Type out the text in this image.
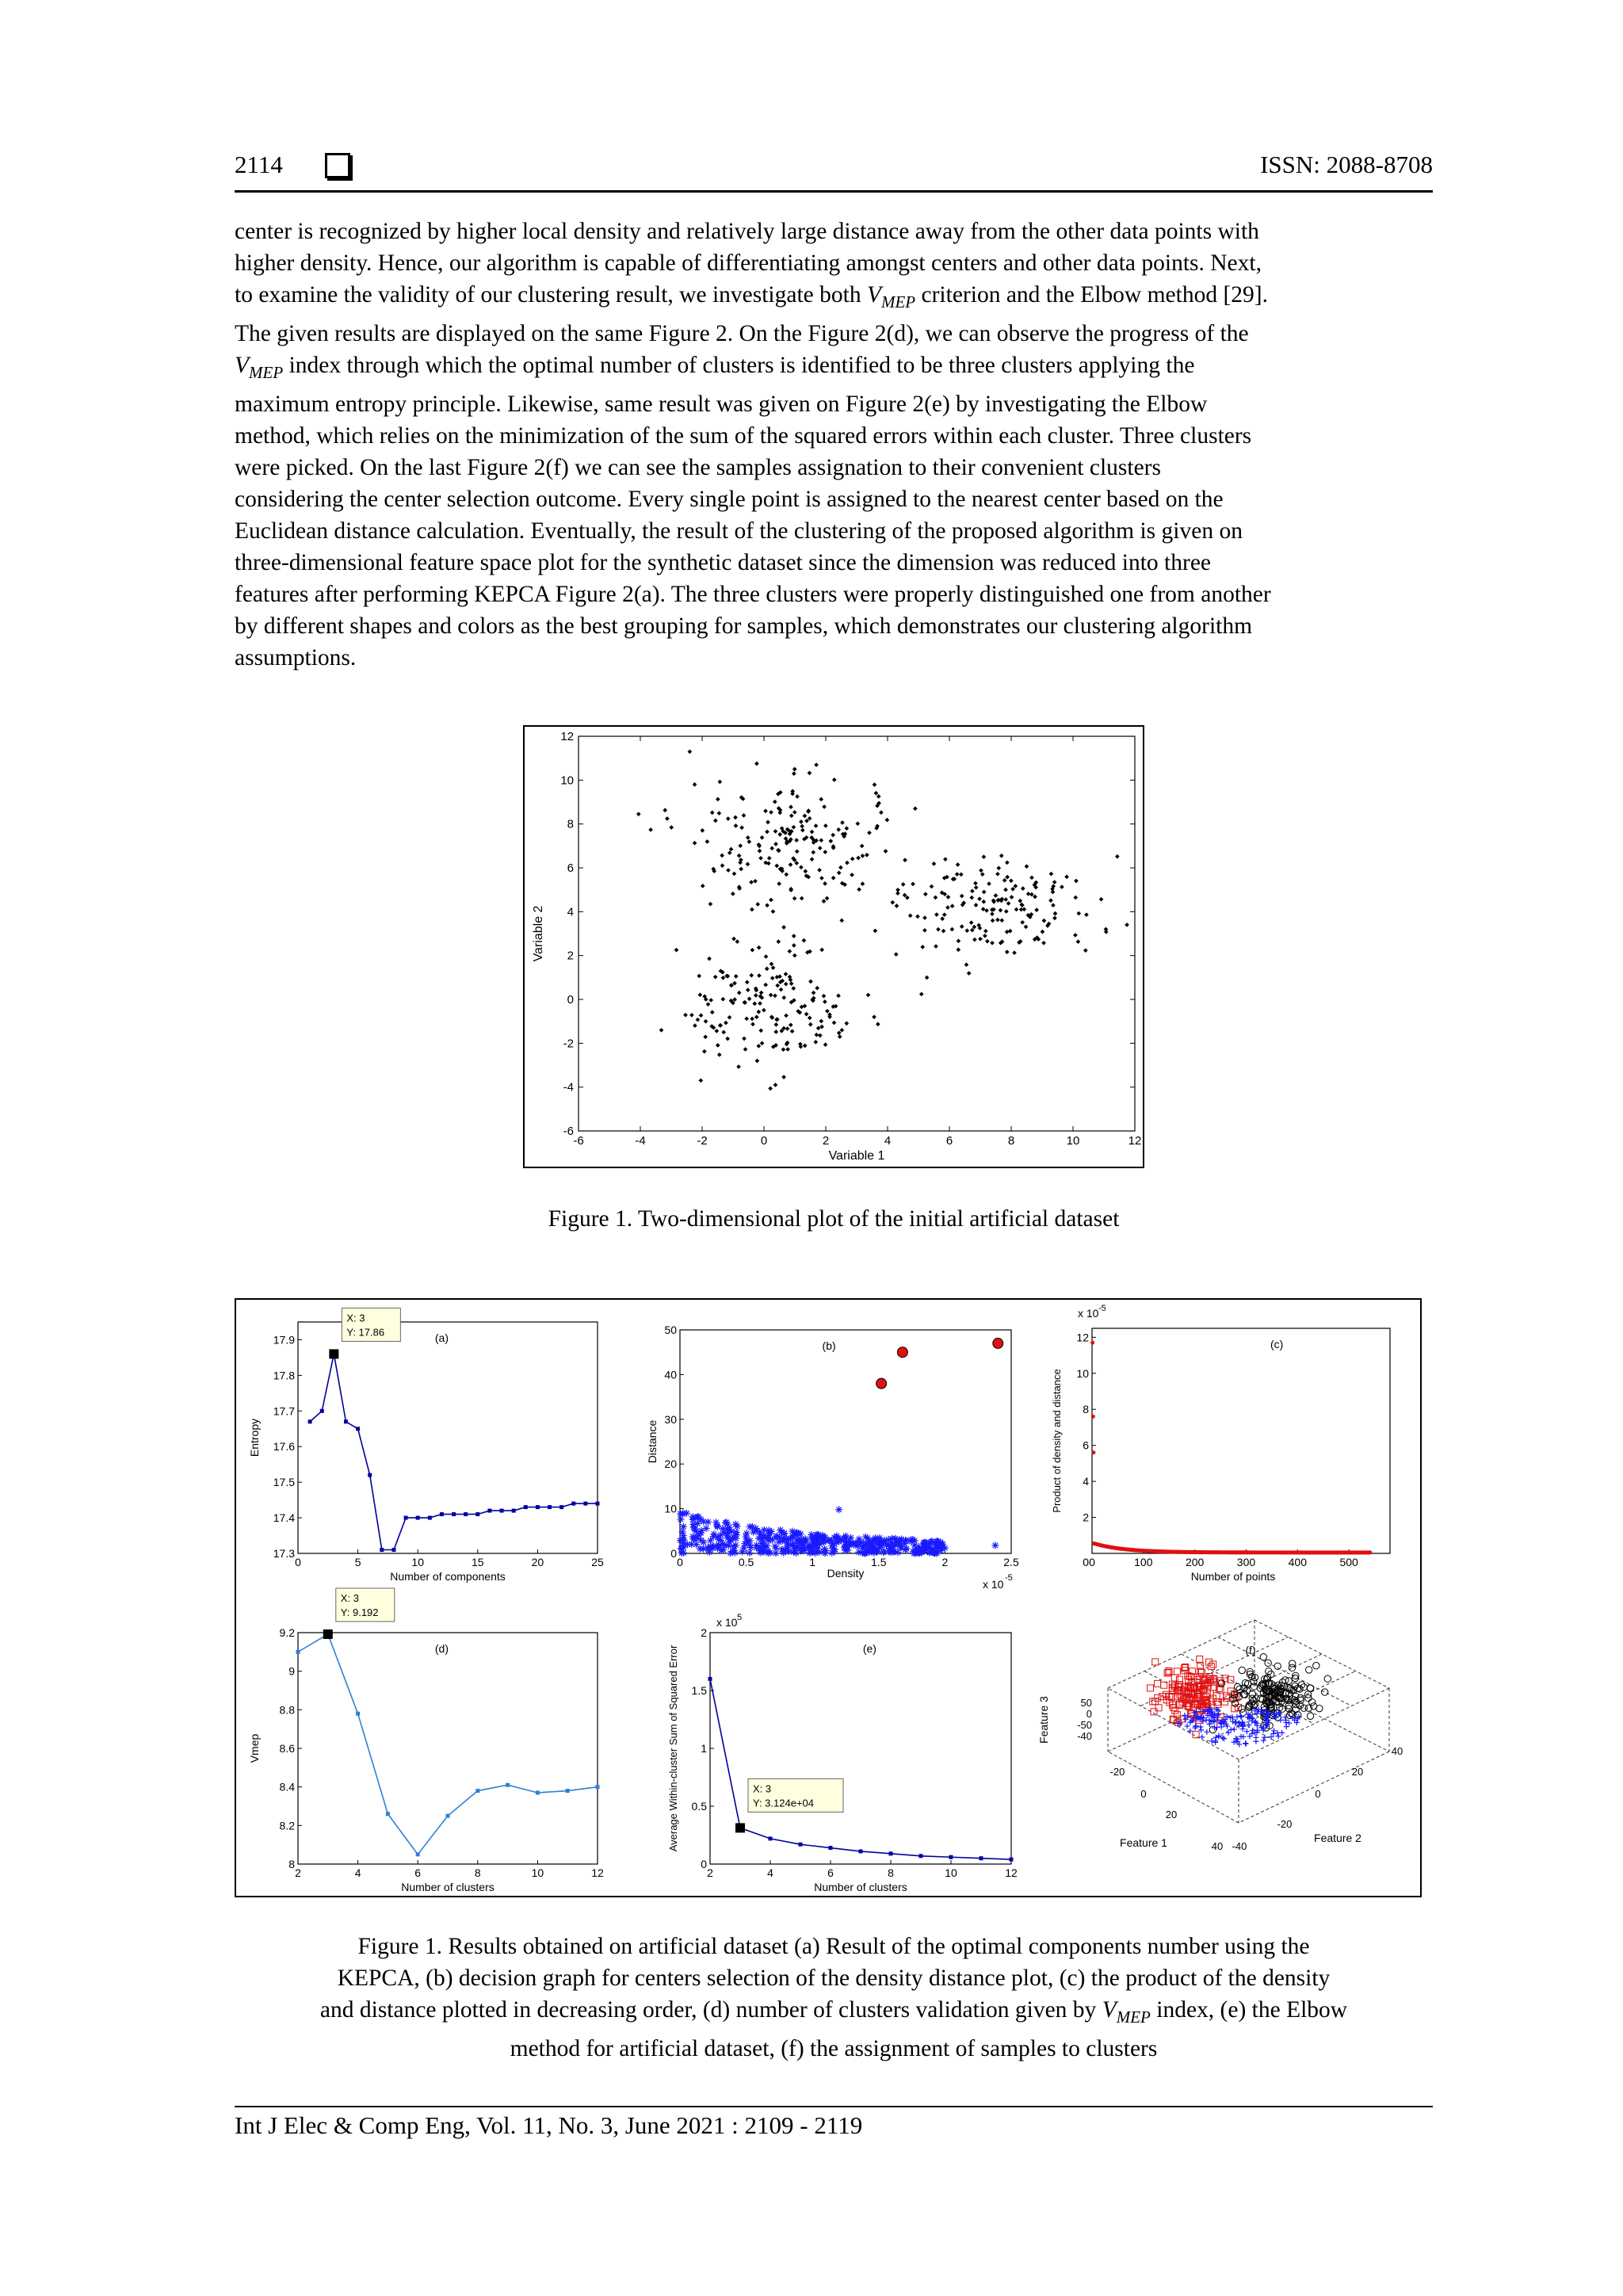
2114	ISSN: 2088-8708
center is recognized by higher local density and relatively large distance away from the other data points with
higher density. Hence, our algorithm is capable of differentiating amongst centers and other data points. Next,
to examine the validity of our clustering result, we investigate both $V_{MEP}$ criterion and the Elbow method [29].
The given results are displayed on the same Figure 2. On the Figure 2(d), we can observe the progress of the
$V_{MEP}$ index through which the optimal number of clusters is identified to be three clusters applying the
maximum entropy principle. Likewise, same result was given on Figure 2(e) by investigating the Elbow
method, which relies on the minimization of the sum of the squared errors within each cluster. Three clusters
were picked. On the last Figure 2(f) we can see the samples assignation to their convenient clusters
considering the center selection outcome. Every single point is assigned to the nearest center based on the
Euclidean distance calculation. Eventually, the result of the clustering of the proposed algorithm is given on
three-dimensional feature space plot for the synthetic dataset since the dimension was reduced into three
features after performing KEPCA Figure 2(a). The three clusters were properly distinguished one from another
by different shapes and colors as the best grouping for samples, which demonstrates our clustering algorithm
assumptions.
-6	-4	-2	0	2	4	6	8	10	12
-6
-4
-2
0
2
4
6
8
10
12
Variable 1
Variable 2
Figure 1. Two-dimensional plot of the initial artificial dataset
0	5	10	15	20	25
17.3
17.4
17.5
17.6
17.7
17.8
17.9
X: 3
Y: 17.86
Number of components
Entropy
(a)
2	4	6	8	10	12
8
8.2
8.4
8.6
8.8
9
9.2
X: 3
Y: 9.192
Number of clusters
Vmep
(d)
2	4	6	8	10	12
0
0.5
1
1.5
2
X: 3
Y: 3.124e+04
x 10 5
Number of clusters
Average Within-cluster Sum of Squared Error	(e)
0	0.5	1	1.5	2	2.5
0
10
20
30
40
50
Density
x 10 -5
Distance
(b)
0	100	200	300	400	500
2
4
6
8
10
12
0
x 10 -5
Number of points
Product of density and distance
(c)
(f)
50
0
-50
-40
Feature 3
-20
0
20
40
Feature 1	-40
-20
0
20
40
Feature 2
Figure 1. Results obtained on artificial dataset (a) Result of the optimal components number using the
KEPCA, (b) decision graph for centers selection of the density distance plot, (c) the product of the density
and distance plotted in decreasing order, (d) number of clusters validation given by $V_{MEP}$ index, (e) the Elbow
method for artificial dataset, (f) the assignment of samples to clusters
Int J Elec & Comp Eng, Vol. 11, No. 3, June 2021 : 2109 - 2119
